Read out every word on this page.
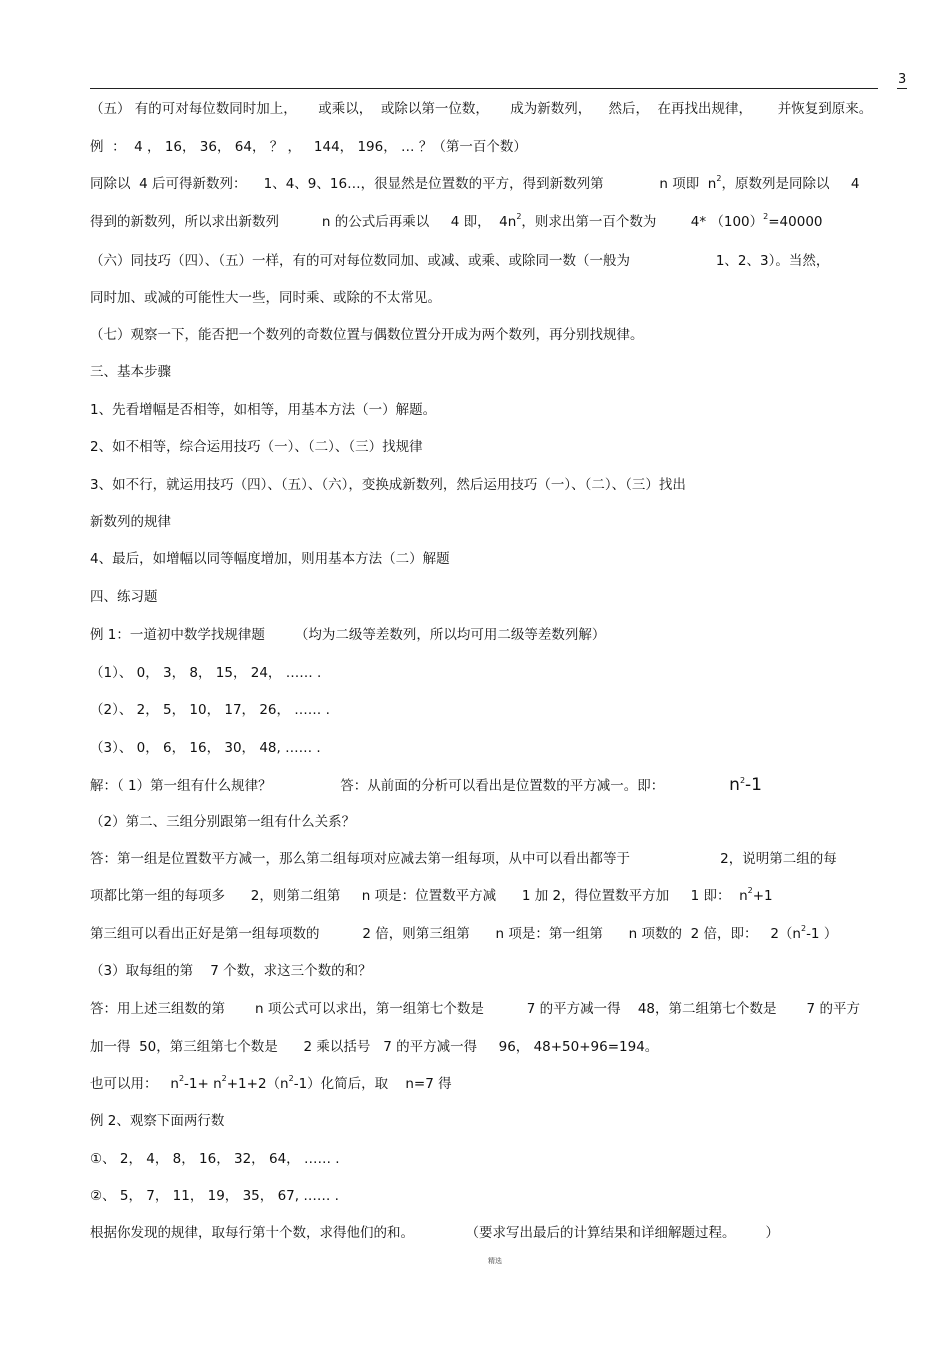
3
（五） 有的可对每位数同时加上，     或乘以，  或除以第一位数，     成为新数列，    然后，  在再找出规律，      并恢复到原来。
例  ：  4 ， 16， 36， 64， ？ ，   144， 196， … ？（第一百个数）
同除以  4 后可得新数列：    1、4、9、16…，很显然是位置数的平方，得到新数列第             n 项即  $n^2$，原数列是同除以     4
得到的新数列，所以求出新数列          n 的公式后再乘以     4 即，  $4n^2$，则求出第一百个数为        4* $(100)^2=40000$
（六）同技巧（四）、（五）一样，有的可对每位数同加、或减、或乘、或除同一数（一般为                    1、2、3）。当然，
同时加、或减的可能性大一些，同时乘、或除的不太常见。
（七）观察一下，能否把一个数列的奇数位置与偶数位置分开成为两个数列，再分别找规律。
三、基本步骤
1、先看增幅是否相等，如相等，用基本方法（一）解题。
2、如不相等，综合运用技巧（一）、（二）、（三）找规律
3、如不行，就运用技巧（四）、（五）、（六），变换成新数列，然后运用技巧（一）、（二）、（三）找出
新数列的规律
4、最后，如增幅以同等幅度增加，则用基本方法（二）解题
四、练习题
例 1：一道初中数学找规律题       （均为二级等差数列，所以均可用二级等差数列解）
（1）、 0， 3， 8， 15， 24， …… .
（2）、 2， 5， 10， 17， 26， …… .
（3）、 0， 6， 16， 30， 48, …… .
解：（ 1）第一组有什么规律？                答：从前面的分析可以看出是位置数的平方减一。即：	$n^2-1$
（2）第二、三组分别跟第一组有什么关系？
答：第一组是位置数平方减一，那么第二组每项对应减去第一组每项，从中可以看出都等于                     2，说明第二组的每
项都比第一组的每项多      2，则第二组第     n 项是：位置数平方减      1 加 2，得位置数平方加     1 即：  $n^2+1$
第三组可以看出正好是第一组每项数的          2 倍，则第三组第      n 项是：第一组第      n 项数的  2 倍，即：   $2(n^2-1$ ）
（3）取每组的第    7 个数，求这三个数的和？
答：用上述三组数的第       n 项公式可以求出，第一组第七个数是          7 的平方减一得    48，第二组第七个数是       7 的平方
加一得  50，第三组第七个数是      2 乘以括号   7 的平方减一得     96， 48+50+96=194。
也可以用：   $n^2-1+ n^2+1+2(n^2-1)$化简后，取    n=7 得
例 2、观察下面两行数
①、 2， 4， 8， 16， 32， 64， …… .
②、 5， 7， 11， 19， 35， 67, …… .
根据你发现的规律，取每行第十个数，求得他们的和。            （要求写出最后的计算结果和详细解题过程。       ）
精选
